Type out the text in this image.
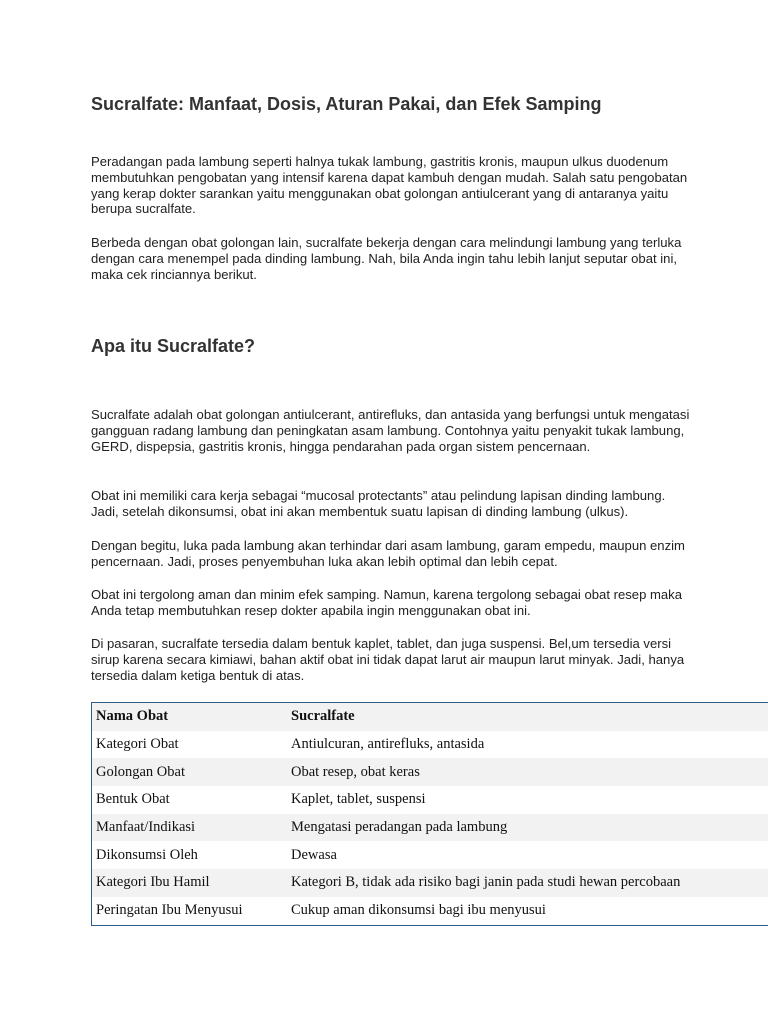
Sucralfate: Manfaat, Dosis, Aturan Pakai, dan Efek Samping

Peradangan pada lambung seperti halnya tukak lambung, gastritis kronis, maupun ulkus duodenum membutuhkan pengobatan yang intensif karena dapat kambuh dengan mudah. Salah satu pengobatan yang kerap dokter sarankan yaitu menggunakan obat golongan antiulcerant yang di antaranya yaitu berupa sucralfate.

Berbeda dengan obat golongan lain, sucralfate bekerja dengan cara melindungi lambung yang terluka dengan cara menempel pada dinding lambung. Nah, bila Anda ingin tahu lebih lanjut seputar obat ini, maka cek rinciannya berikut.

Apa itu Sucralfate?

Sucralfate adalah obat golongan antiulcerant, antirefluks, dan antasida yang berfungsi untuk mengatasi gangguan radang lambung dan peningkatan asam lambung. Contohnya yaitu penyakit tukak lambung, GERD, dispepsia, gastritis kronis, hingga pendarahan pada organ sistem pencernaan.

Obat ini memiliki cara kerja sebagai “mucosal protectants” atau pelindung lapisan dinding lambung. Jadi, setelah dikonsumsi, obat ini akan membentuk suatu lapisan di dinding lambung (ulkus).

Dengan begitu, luka pada lambung akan terhindar dari asam lambung, garam empedu, maupun enzim pencernaan. Jadi, proses penyembuhan luka akan lebih optimal dan lebih cepat.

Obat ini tergolong aman dan minim efek samping. Namun, karena tergolong sebagai obat resep maka Anda tetap membutuhkan resep dokter apabila ingin menggunakan obat ini.

Di pasaran, sucralfate tersedia dalam bentuk kaplet, tablet, dan juga suspensi. Bel,um tersedia versi sirup karena secara kimiawi, bahan aktif obat ini tidak dapat larut air maupun larut minyak. Jadi, hanya tersedia dalam ketiga bentuk di atas.

Nama Obat	Sucralfate
Kategori Obat	Antiulcuran, antirefluks, antasida
Golongan Obat	Obat resep, obat keras
Bentuk Obat	Kaplet, tablet, suspensi
Manfaat/Indikasi	Mengatasi peradangan pada lambung
Dikonsumsi Oleh	Dewasa
Kategori Ibu Hamil	Kategori B, tidak ada risiko bagi janin pada studi hewan percobaan
Peringatan Ibu Menyusui	Cukup aman dikonsumsi bagi ibu menyusui
